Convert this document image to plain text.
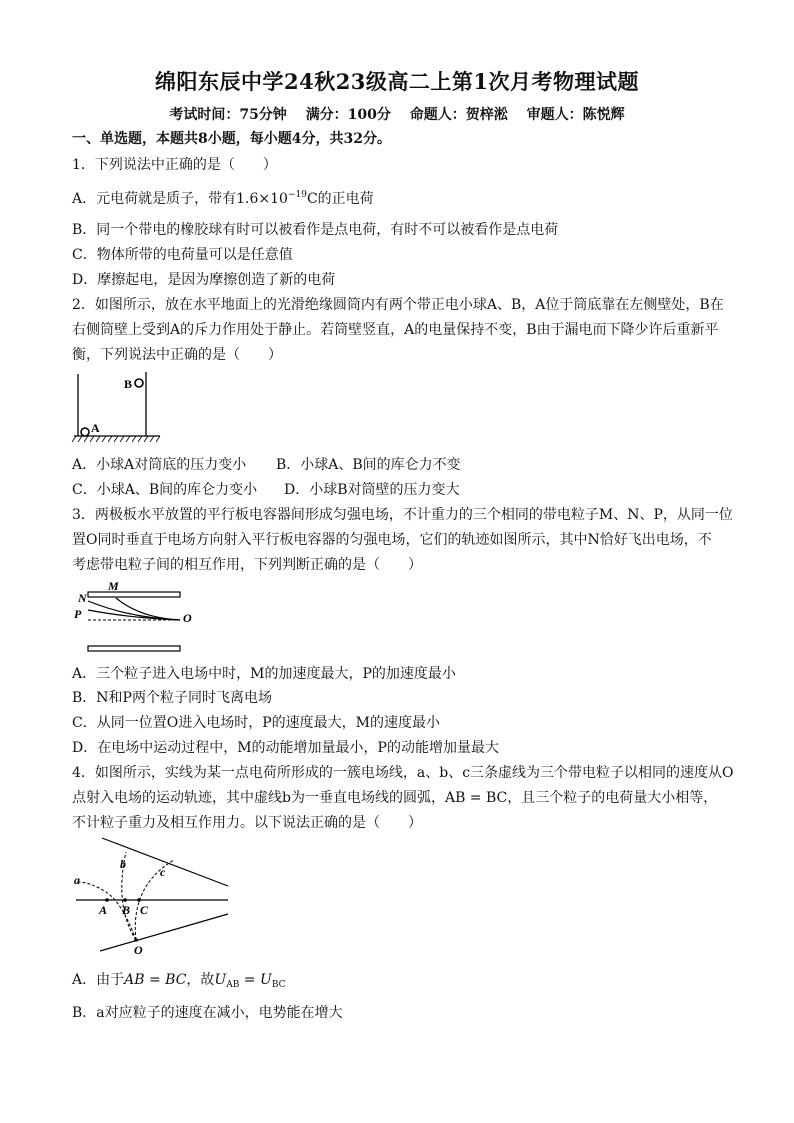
绵阳东辰中学24秋23级高二上第1次月考物理试题
考试时间：75分钟 满分：100分 命题人：贺梓淞 审题人：陈悦辉
一、单选题，本题共8小题，每小题4分，共32分。
1．下列说法中正确的是（　　）
A．元电荷就是质子，带有$1.6\times 10^{-19}C$的正电荷
B．同一个带电的橡胶球有时可以被看作是点电荷，有时不可以被看作是点电荷
C．物体所带的电荷量可以是任意值
D．摩擦起电，是因为摩擦创造了新的电荷
2．如图所示，放在水平地面上的光滑绝缘圆筒内有两个带正电小球A、B，A位于筒底靠在左侧壁处，B在
右侧筒壁上受到A的斥力作用处于静止。若筒壁竖直，A的电量保持不变，B由于漏电而下降少许后重新平
衡，下列说法中正确的是（　　）
A
B
A．小球A对筒底的压力变小 B．小球A、B间的库仑力不变
C．小球A、B间的库仑力变小 D．小球B对筒壁的压力变大
3．两极板水平放置的平行板电容器间形成匀强电场，不计重力的三个相同的带电粒子M、N、P，从同一位
置O同时垂直于电场方向射入平行板电容器的匀强电场，它们的轨迹如图所示，其中N恰好飞出电场，不
考虑带电粒子间的相互作用，下列判断正确的是（　　）
M
N
P	O
A．三个粒子进入电场中时，M的加速度最大，P的加速度最小
B．N和P两个粒子同时飞离电场
C．从同一位置O进入电场时，P的速度最大，M的速度最小
D．在电场中运动过程中，M的动能增加量最小，P的动能增加量最大
4．如图所示，实线为某一点电荷所形成的一簇电场线，a、b、c三条虚线为三个带电粒子以相同的速度从O
点射入电场的运动轨迹，其中虚线b为一垂直电场线的圆弧，AB = BC，且三个粒子的电荷量大小相等，
不计粒子重力及相互作用力。以下说法正确的是（　　）
a
b
c
A B C
O
A．由于AB = BC，故$U_{AB} = U_{BC}$
B．a对应粒子的速度在减小，电势能在增大
